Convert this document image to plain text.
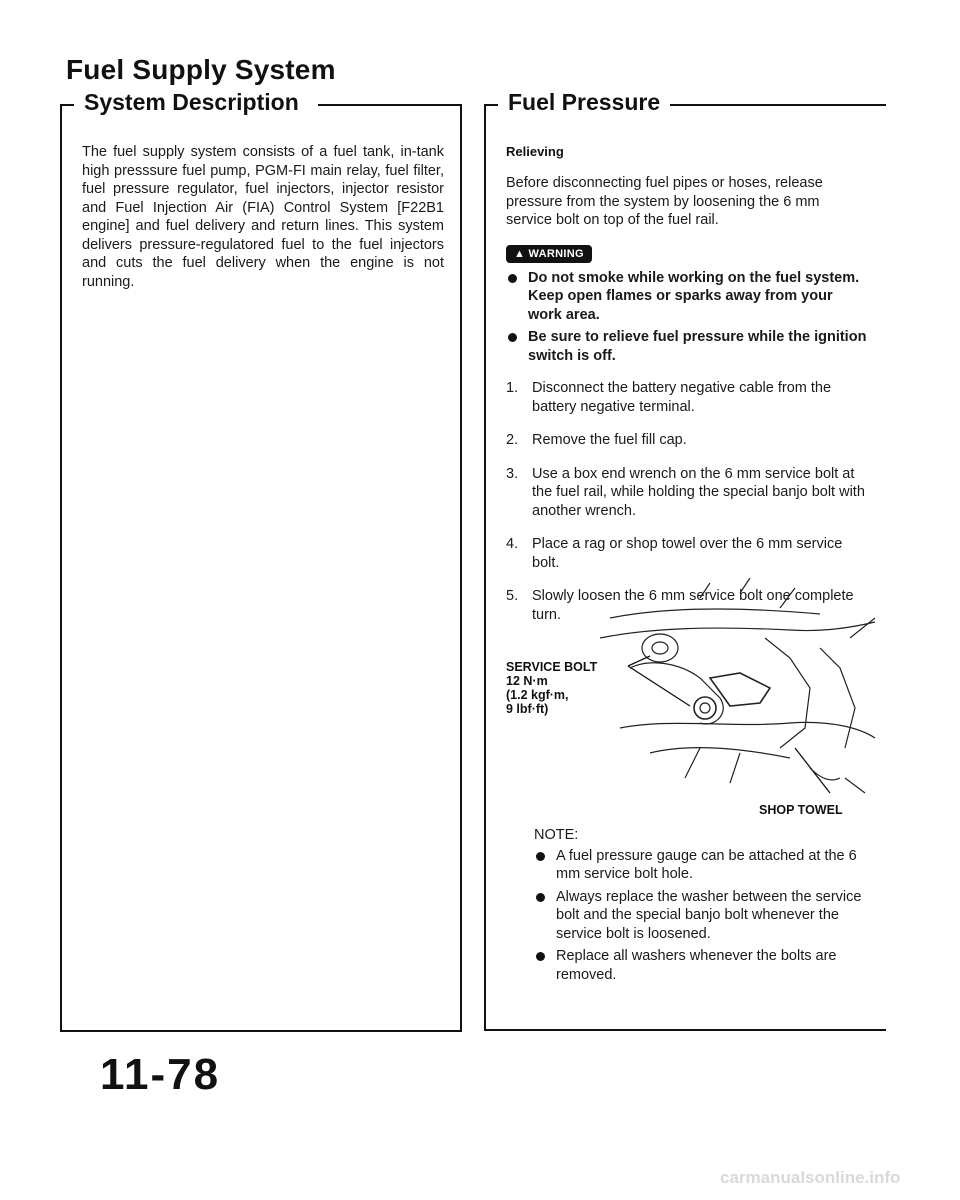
Fuel Supply System
System Description
The fuel supply system consists of a fuel tank, in-tank high presssure fuel pump, PGM-FI main relay, fuel filter, fuel pressure regulator, fuel injectors, injector resistor and Fuel Injection Air (FIA) Control System [F22B1 engine] and fuel delivery and return lines. This system delivers pressure-regulatored fuel to the fuel injectors and cuts the fuel delivery when the engine is not running.
Fuel Pressure
Relieving
Before disconnecting fuel pipes or hoses, release pressure from the system by loosening the 6 mm service bolt on top of the fuel rail.
▲ WARNING
Do not smoke while working on the fuel system. Keep open flames or sparks away from your work area.
Be sure to relieve fuel pressure while the ignition switch is off.
1. Disconnect the battery negative cable from the battery negative terminal.
2. Remove the fuel fill cap.
3. Use a box end wrench on the 6 mm service bolt at the fuel rail, while holding the special banjo bolt with another wrench.
4. Place a rag or shop towel over the 6 mm service bolt.
5. Slowly loosen the 6 mm service bolt one complete turn.
SERVICE BOLT
12 N·m
(1.2 kgf·m,
9 lbf·ft)
SHOP TOWEL
NOTE:
A fuel pressure gauge can be attached at the 6 mm service bolt hole.
Always replace the washer between the service bolt and the special banjo bolt whenever the service bolt is loosened.
Replace all washers whenever the bolts are removed.
11-78
carmanualsonline.info
